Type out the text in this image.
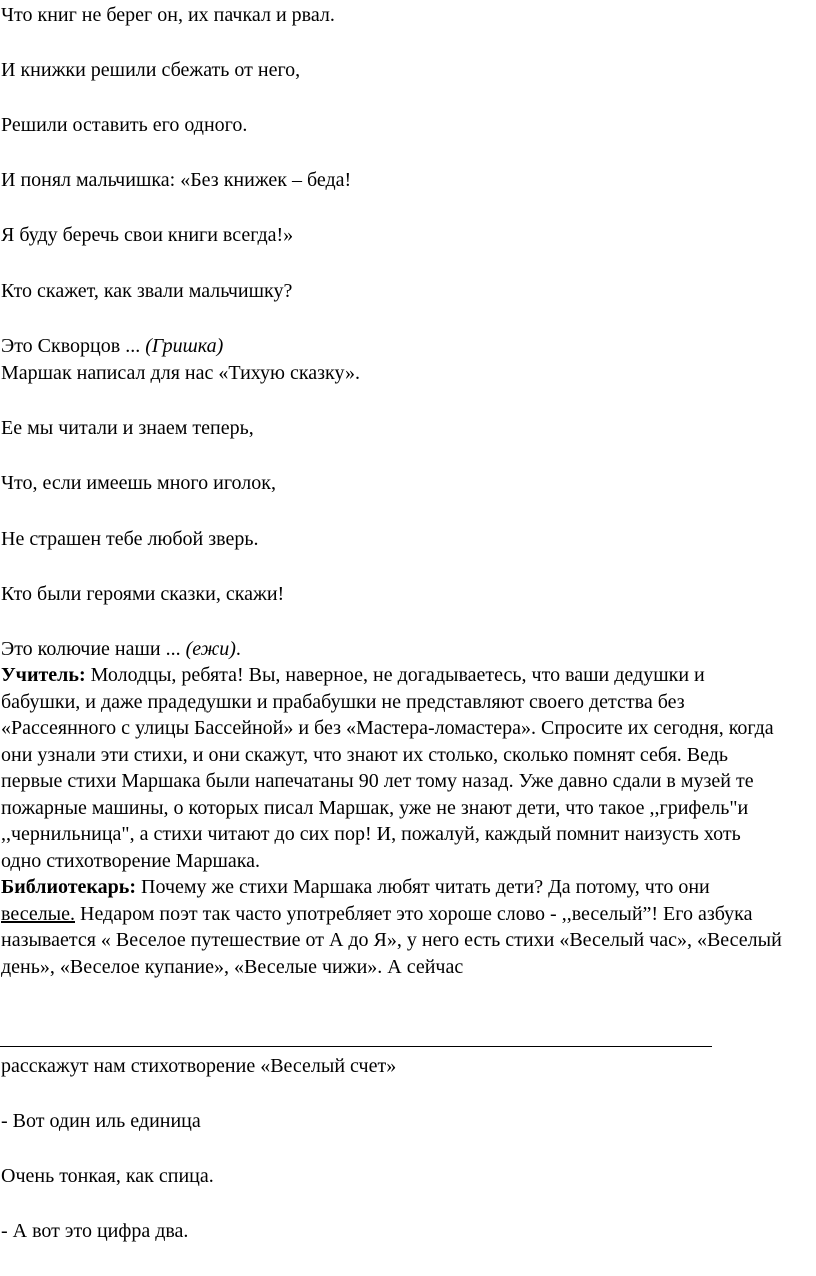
Что книг не берег он, их пачкал и рвал.
И книжки решили сбежать от него,
Решили оставить его одного.
И понял мальчишка: «Без книжек – беда!
Я буду беречь свои книги всегда!»
Кто скажет, как звали мальчишку?
Это Скворцов ... (Гришка)
Маршак написал для нас «Тихую сказку».
Ее мы читали и знаем теперь,
Что, если имеешь много иголок,
Не страшен тебе любой зверь.
Кто были героями сказки, скажи!
Это колючие наши ... (ежи).
Учитель: Молодцы, ребята! Вы, наверное, не догадываетесь, что ваши дедушки и
бабушки, и даже прадедушки и прабабушки не представляют своего детства без
«Рассеянного с улицы Бассейной» и без «Мастера-ломастера». Спросите их сегодня, когда
они узнали эти стихи, и они скажут, что знают их столько, сколько помнят себя. Ведь
первые стихи Маршака были напечатаны 90 лет тому назад. Уже давно сдали в музей те
пожарные машины, о которых писал Маршак, уже не знают дети, что такое ,,грифель"и
,,чернильница", а стихи читают до сих пор! И, пожалуй, каждый помнит наизусть хоть
одно стихотворение Маршака.
Библиотекарь: Почему же стихи Маршака любят читать дети? Да потому, что они
веселые. Недаром поэт так часто употребляет это хороше слово - ,,веселый”! Его азбука
называется « Веселое путешествие от А до Я», у него есть стихи «Веселый час», «Веселый
день», «Веселое купание», «Веселые чижи». А сейчас
расскажут нам стихотворение «Веселый счет»
- Вот один иль единица
Очень тонкая, как спица.
- А вот это цифра два.
